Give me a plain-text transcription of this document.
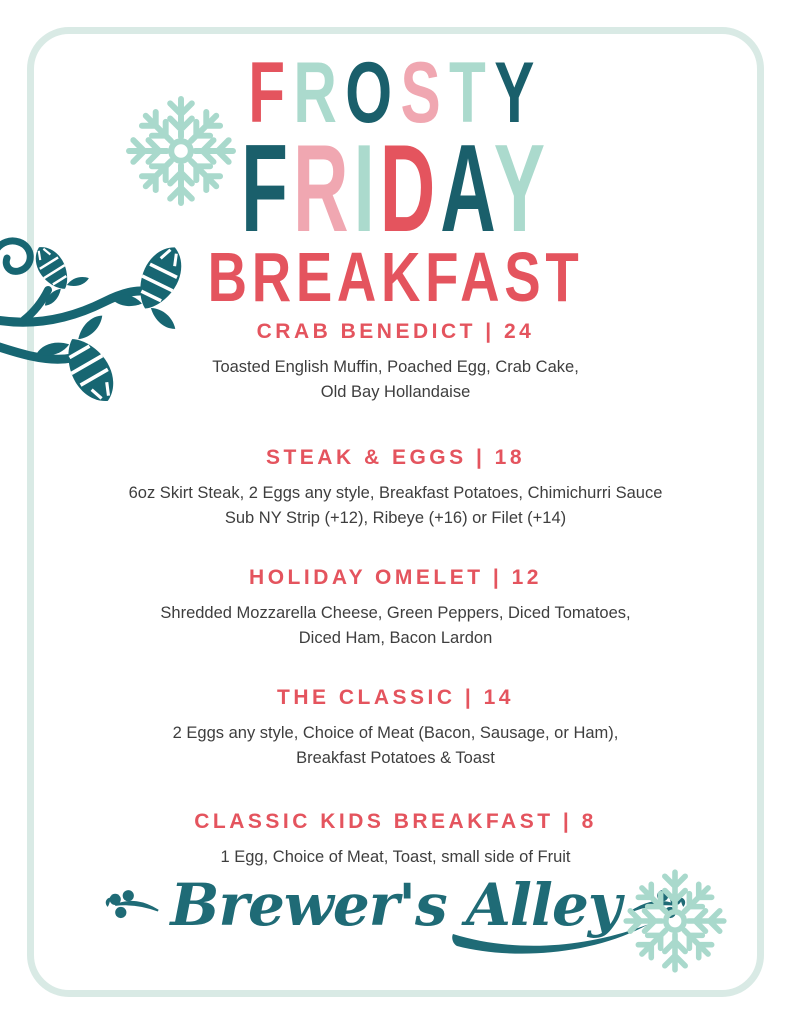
FROSTY
FRIDAY
BREAKFAST
CRAB BENEDICT | 24

Toasted English Muffin, Poached Egg, Crab Cake,

Old Bay Hollandaise

STEAK & EGGS | 18

6oz Skirt Steak, 2 Eggs any style, Breakfast Potatoes, Chimichurri Sauce

Sub NY Strip (+12), Ribeye (+16) or Filet (+14)

HOLIDAY OMELET | 12

Shredded Mozzarella Cheese, Green Peppers, Diced Tomatoes,

Diced Ham, Bacon Lardon

THE CLASSIC | 14

2 Eggs any style, Choice of Meat (Bacon, Sausage, or Ham),

Breakfast Potatoes & Toast

CLASSIC KIDS BREAKFAST | 8

1 Egg, Choice of Meat, Toast, small side of Fruit

Brewer's Alley
